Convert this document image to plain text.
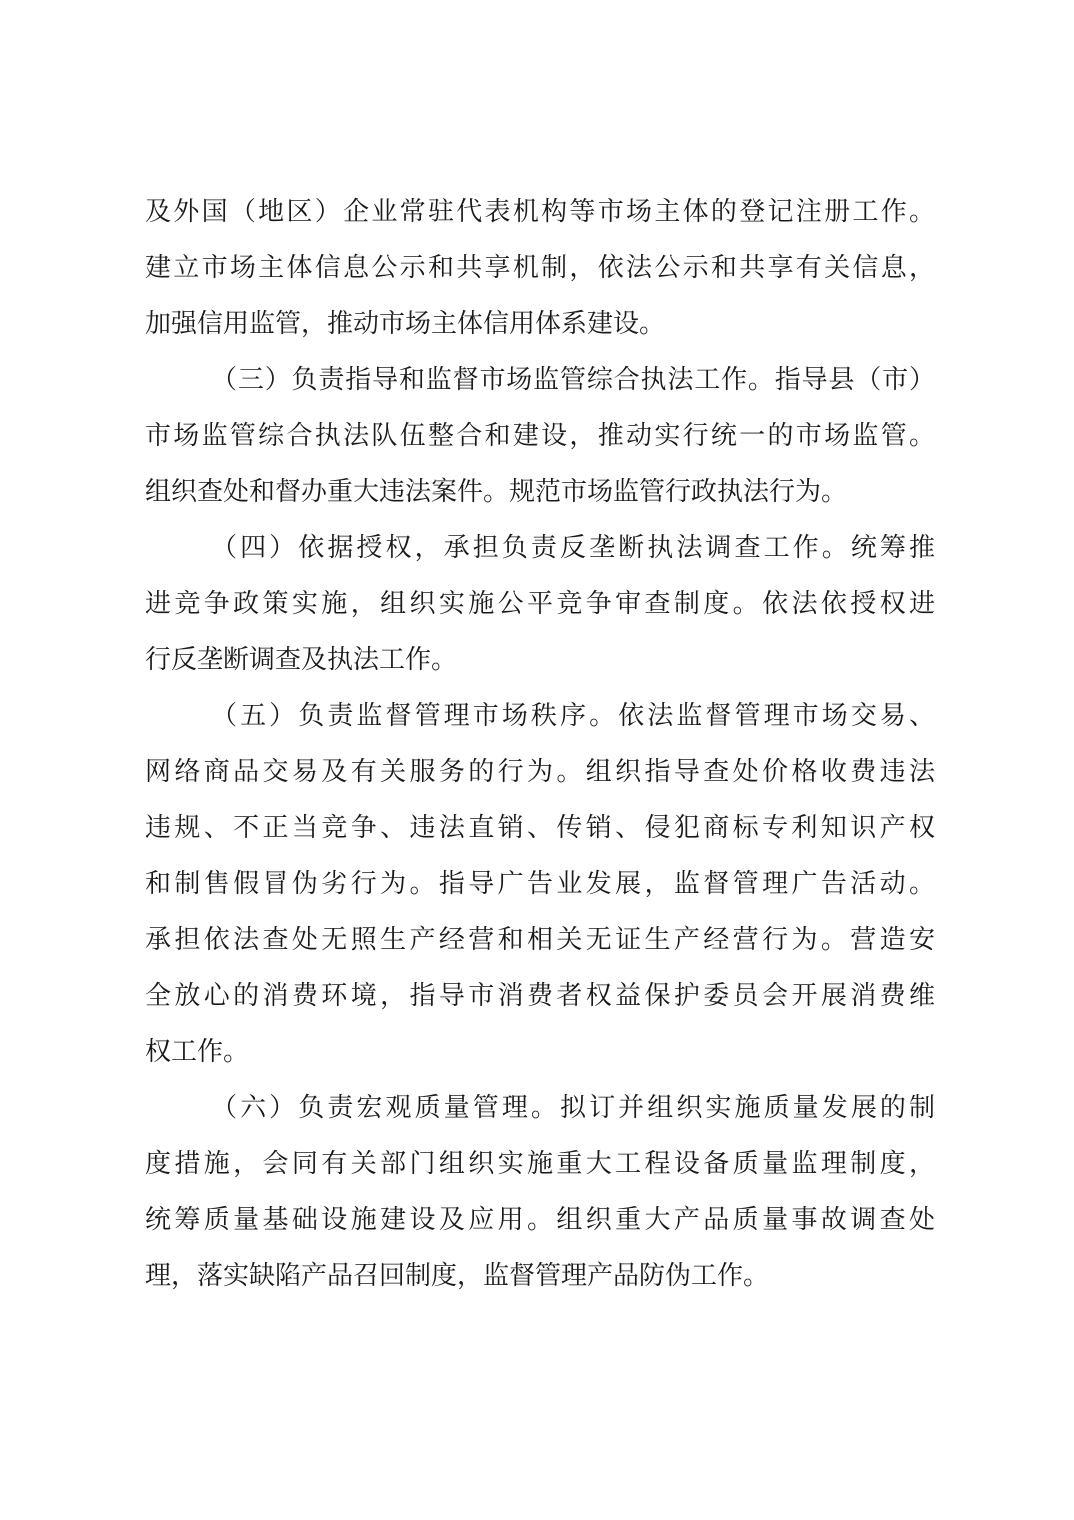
及外国（地区）企业常驻代表机构等市场主体的登记注册工作。
建立市场主体信息公示和共享机制，依法公示和共享有关信息，
加强信用监管，推动市场主体信用体系建设。
（三）负责指导和监督市场监管综合执法工作。指导县（市）
市场监管综合执法队伍整合和建设，推动实行统一的市场监管。
组织查处和督办重大违法案件。规范市场监管行政执法行为。
（四）依据授权，承担负责反垄断执法调查工作。统筹推
进竞争政策实施，组织实施公平竞争审查制度。依法依授权进
行反垄断调查及执法工作。
（五）负责监督管理市场秩序。依法监督管理市场交易、
网络商品交易及有关服务的行为。组织指导查处价格收费违法
违规、不正当竞争、违法直销、传销、侵犯商标专利知识产权
和制售假冒伪劣行为。指导广告业发展，监督管理广告活动。
承担依法查处无照生产经营和相关无证生产经营行为。营造安
全放心的消费环境，指导市消费者权益保护委员会开展消费维
权工作。
（六）负责宏观质量管理。拟订并组织实施质量发展的制
度措施，会同有关部门组织实施重大工程设备质量监理制度，
统筹质量基础设施建设及应用。组织重大产品质量事故调查处
理，落实缺陷产品召回制度，监督管理产品防伪工作。
